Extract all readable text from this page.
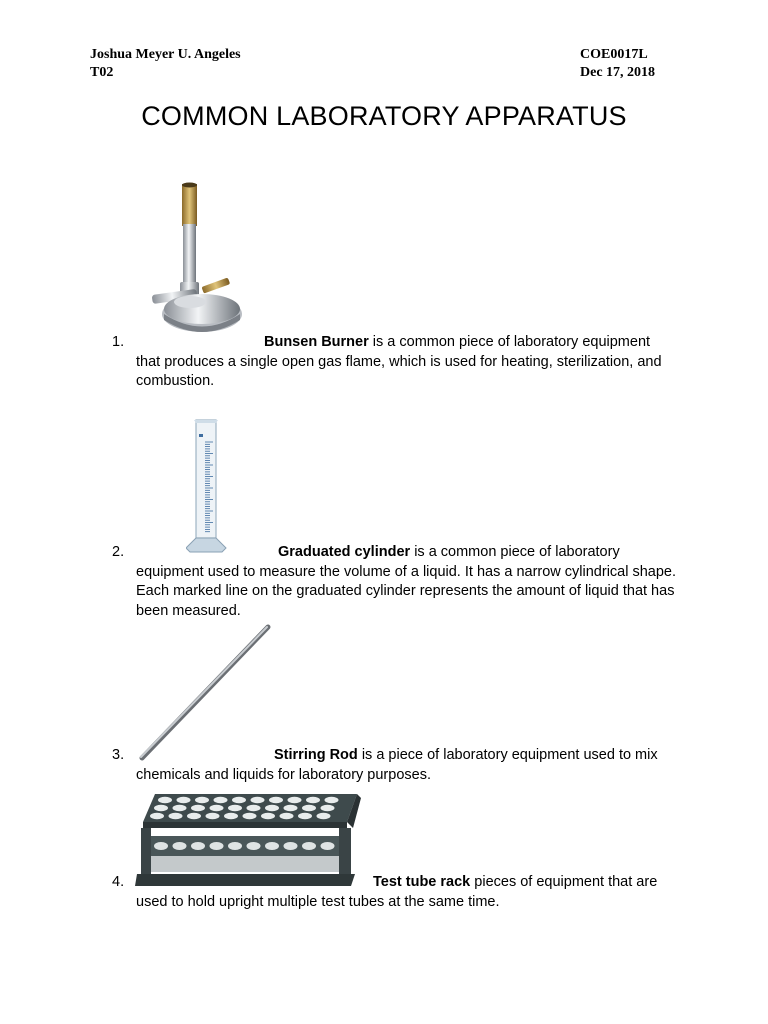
Joshua Meyer U. Angeles
T02
COE0017L
Dec 17, 2018
COMMON LABORATORY APPARATUS
1.	Bunsen Burner is a common piece of laboratory equipment
that produces a single open gas flame, which is used for heating, sterilization, and combustion.
2.	Graduated cylinder is a common piece of laboratory
equipment used to measure the volume of a liquid. It has a narrow cylindrical shape. Each marked line on the graduated cylinder represents the amount of liquid that has been measured.
3.	Stirring Rod is a piece of laboratory equipment used to mix
chemicals and liquids for laboratory purposes.
4.	Test tube rack pieces of equipment that are
used to hold upright multiple test tubes at the same time.
